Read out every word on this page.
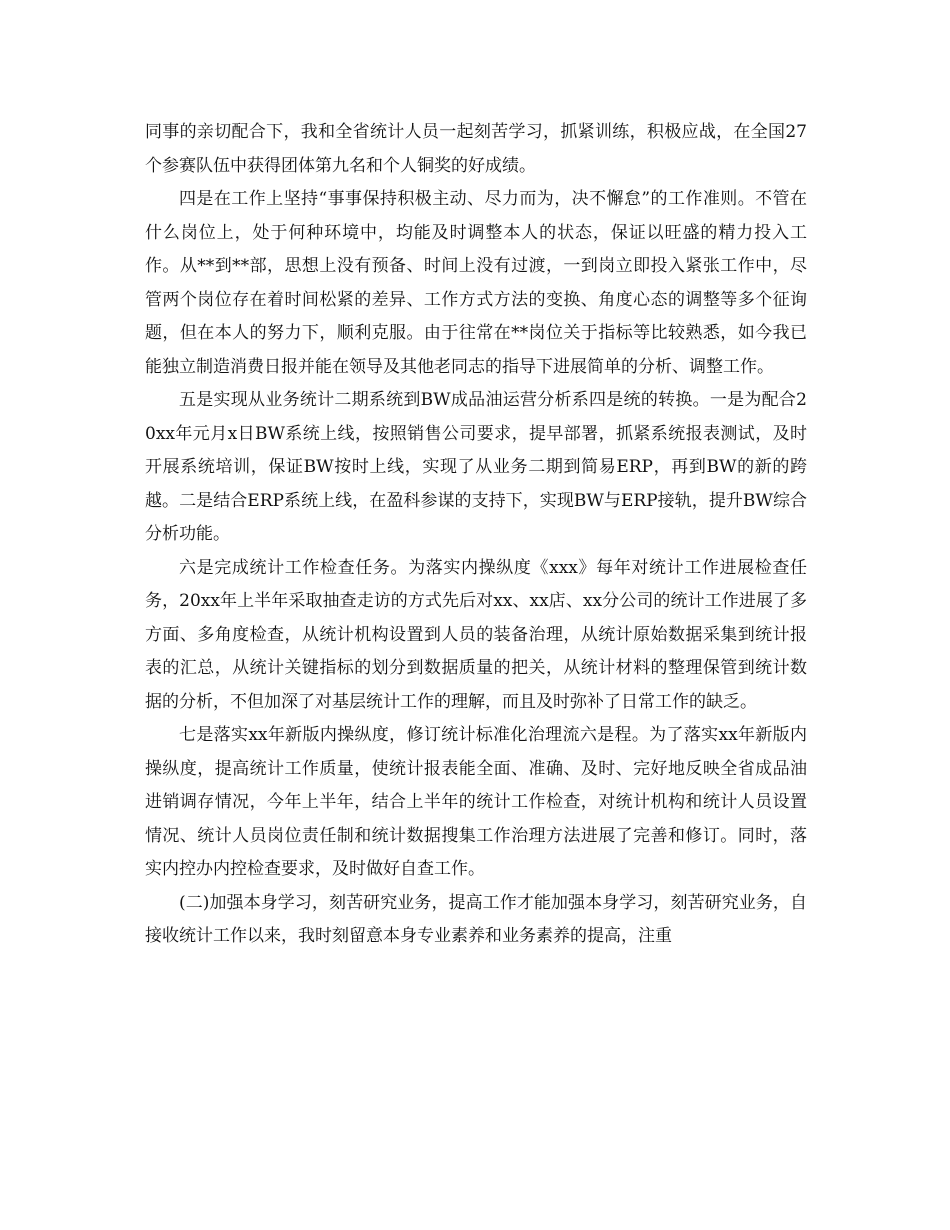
同事的亲切配合下，我和全省统计人员一起刻苦学习，抓紧训练，积极应战，在全国27个参赛队伍中获得团体第九名和个人铜奖的好成绩。

四是在工作上坚持“事事保持积极主动、尽力而为，决不懈怠”的工作准则。不管在什么岗位上，处于何种环境中，均能及时调整本人的状态，保证以旺盛的精力投入工作。从**到**部，思想上没有预备、时间上没有过渡，一到岗立即投入紧张工作中，尽管两个岗位存在着时间松紧的差异、工作方式方法的变换、角度心态的调整等多个征询题，但在本人的努力下，顺利克服。由于往常在**岗位关于指标等比较熟悉，如今我已能独立制造消费日报并能在领导及其他老同志的指导下进展简单的分析、调整工作。

五是实现从业务统计二期系统到BW成品油运营分析系四是统的转换。一是为配合20xx年元月x日BW系统上线，按照销售公司要求，提早部署，抓紧系统报表测试，及时开展系统培训，保证BW按时上线，实现了从业务二期到简易ERP，再到BW的新的跨越。二是结合ERP系统上线，在盈科参谋的支持下，实现BW与ERP接轨，提升BW综合分析功能。

六是完成统计工作检查任务。为落实内操纵度《xxx》每年对统计工作进展检查任务，20xx年上半年采取抽查走访的方式先后对xx、xx店、xx分公司的统计工作进展了多方面、多角度检查，从统计机构设置到人员的装备治理，从统计原始数据采集到统计报表的汇总，从统计关键指标的划分到数据质量的把关，从统计材料的整理保管到统计数据的分析，不但加深了对基层统计工作的理解，而且及时弥补了日常工作的缺乏。

七是落实xx年新版内操纵度，修订统计标准化治理流六是程。为了落实xx年新版内操纵度，提高统计工作质量，使统计报表能全面、准确、及时、完好地反映全省成品油进销调存情况，今年上半年，结合上半年的统计工作检查，对统计机构和统计人员设置情况、统计人员岗位责任制和统计数据搜集工作治理方法进展了完善和修订。同时，落实内控办内控检查要求，及时做好自查工作。

(二)加强本身学习，刻苦研究业务，提高工作才能加强本身学习，刻苦研究业务，自接收统计工作以来，我时刻留意本身专业素养和业务素养的提高，注重
